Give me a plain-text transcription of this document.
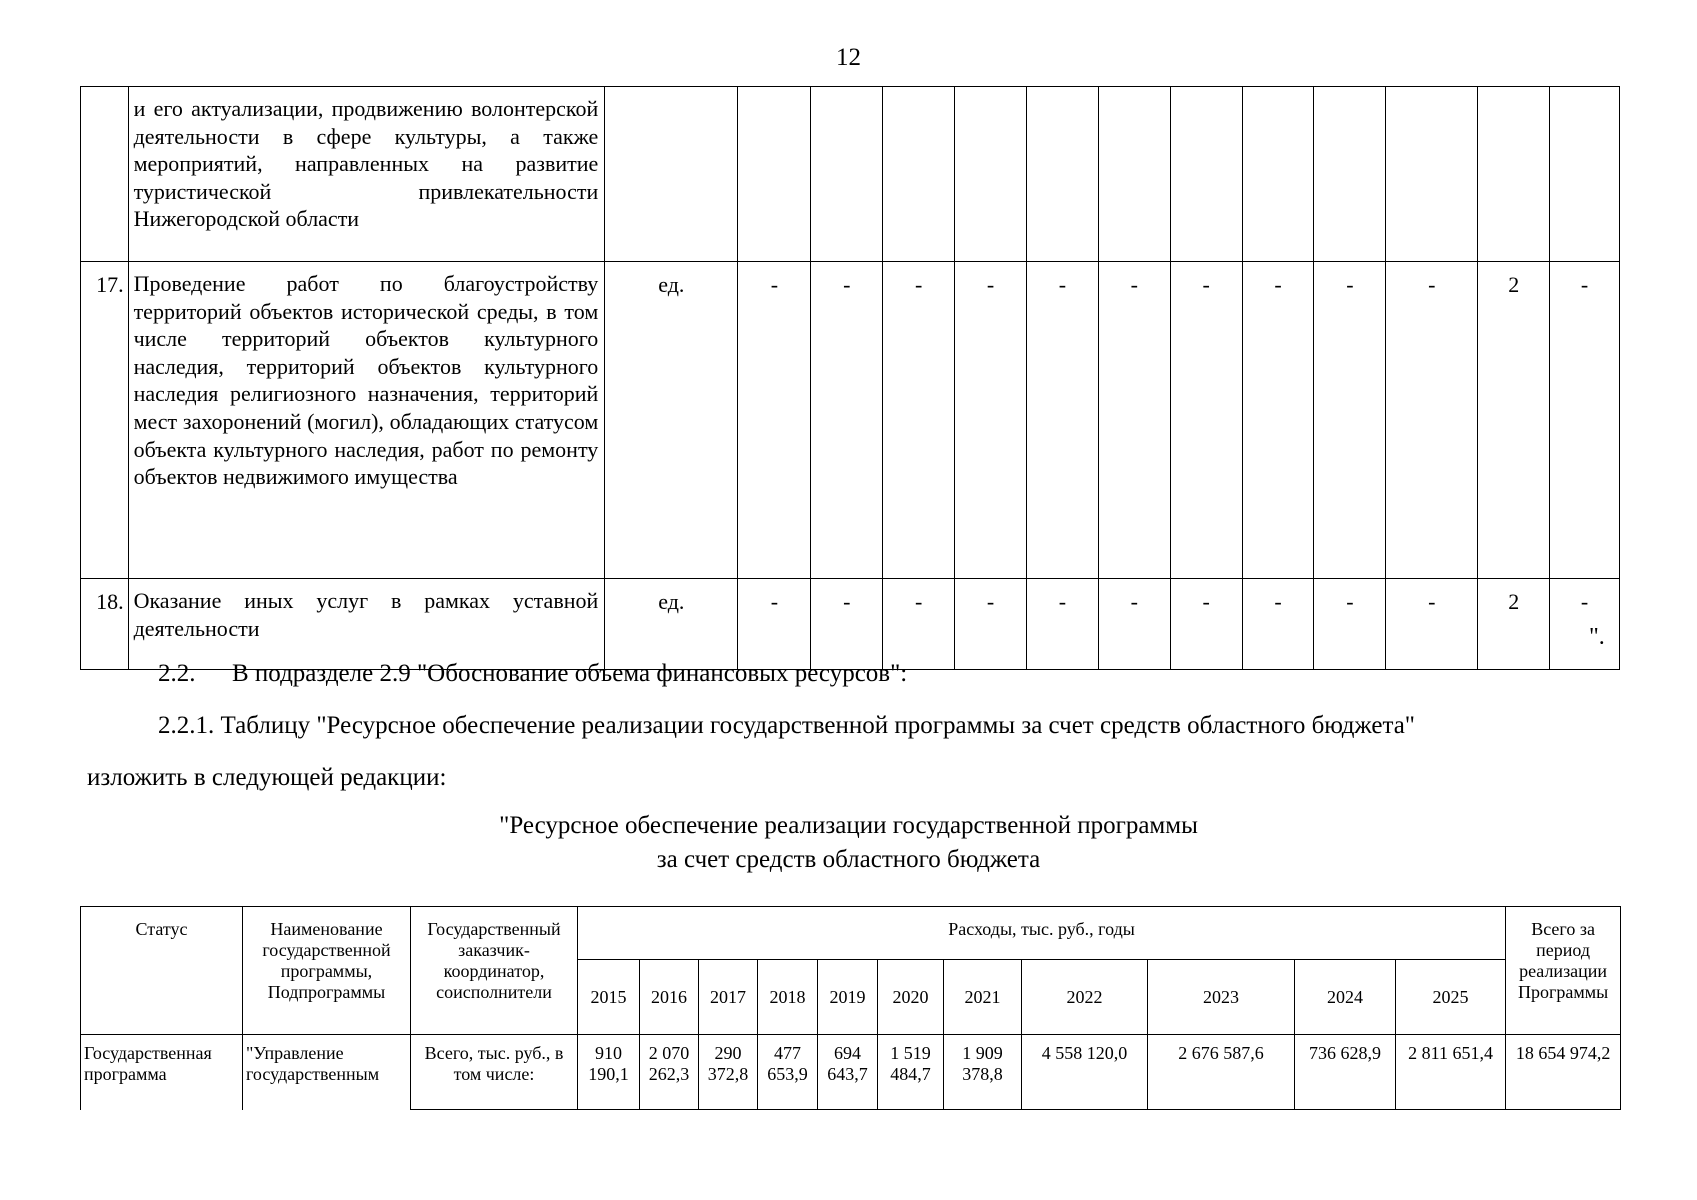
12
	и его актуализации, продвижению волонтерской деятельности в сфере культуры, а также мероприятий, направленных на развитие туристической привлекательности Нижегородской области													
17.	Проведение работ по благоустройству территорий объектов исторической среды, в том числе территорий объектов культурного наследия, территорий объектов культурного наследия религиозного назначения, территорий мест захоронений (могил), обладающих статусом объекта культурного наследия, работ по ремонту объектов недвижимого имущества	ед.	-	-	-	-	-	-	-	-	-	-	2	-
18.	Оказание иных услуг в рамках уставной деятельности	ед.	-	-	-	-	-	-	-	-	-	-	2	-
".
2.2. В подразделе 2.9 "Обоснование объема финансовых ресурсов":
2.2.1. Таблицу "Ресурсное обеспечение реализации государственной программы за счет средств областного бюджета"
изложить в следующей редакции:
"Ресурсное обеспечение реализации государственной программы
за счет средств областного бюджета
Статус	Наименование государственной программы, Подпрограммы	Государственный заказчик-координатор, соисполнители	Расходы, тыс. руб., годы											Всего за период реализации Программы
			2015	2016	2017	2018	2019	2020	2021	2022	2023	2024	2025	
Государственная программа	"Управление государственным	Всего, тыс. руб., в том числе:	910 190,1	2 070 262,3	290 372,8	477 653,9	694 643,7	1 519 484,7	1 909 378,8	4 558 120,0	2 676 587,6	736 628,9	2 811 651,4	18 654 974,2
